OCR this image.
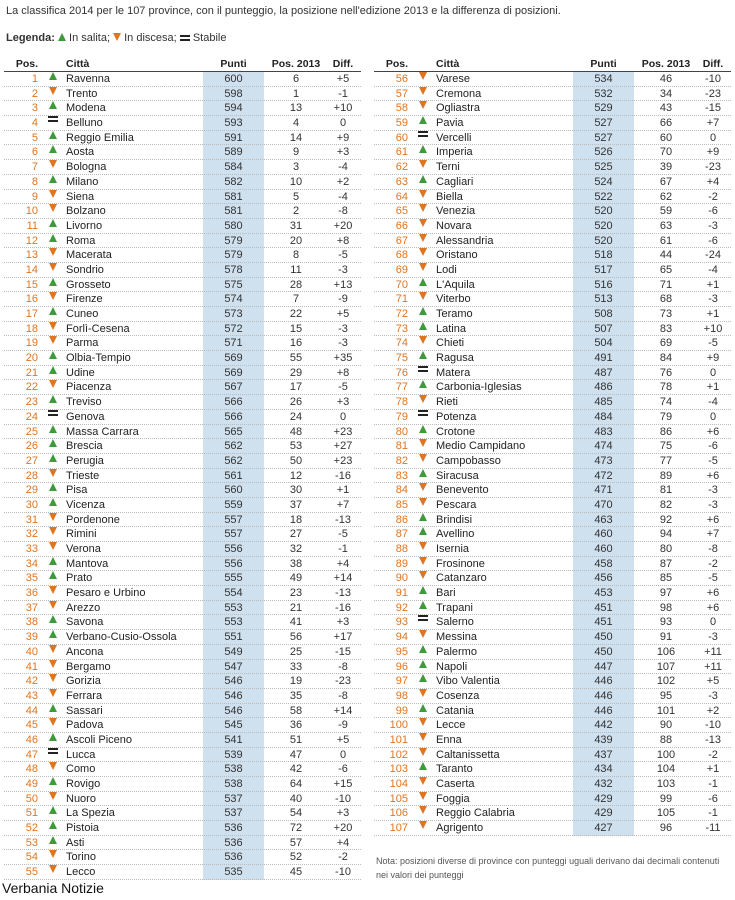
La classifica 2014 per le 107 province, con il punteggio, la posizione nell'edizione 2013 e la differenza di posizioni.
Legenda: In salita; In discesa; Stabile
Pos.	Città	Punti	Pos. 2013	Diff.
1	Ravenna	600	6	+5
2	Trento	598	1	-1
3	Modena	594	13	+10
4	Belluno	593	4	0
5	Reggio Emilia	591	14	+9
6	Aosta	589	9	+3
7	Bologna	584	3	-4
8	Milano	582	10	+2
9	Siena	581	5	-4
10	Bolzano	581	2	-8
11	Livorno	580	31	+20
12	Roma	579	20	+8
13	Macerata	579	8	-5
14	Sondrio	578	11	-3
15	Grosseto	575	28	+13
16	Firenze	574	7	-9
17	Cuneo	573	22	+5
18	Forlì-Cesena	572	15	-3
19	Parma	571	16	-3
20	Olbia-Tempio	569	55	+35
21	Udine	569	29	+8
22	Piacenza	567	17	-5
23	Treviso	566	26	+3
24	Genova	566	24	0
25	Massa Carrara	565	48	+23
26	Brescia	562	53	+27
27	Perugia	562	50	+23
28	Trieste	561	12	-16
29	Pisa	560	30	+1
30	Vicenza	559	37	+7
31	Pordenone	557	18	-13
32	Rimini	557	27	-5
33	Verona	556	32	-1
34	Mantova	556	38	+4
35	Prato	555	49	+14
36	Pesaro e Urbino	554	23	-13
37	Arezzo	553	21	-16
38	Savona	553	41	+3
39	Verbano-Cusio-Ossola	551	56	+17
40	Ancona	549	25	-15
41	Bergamo	547	33	-8
42	Gorizia	546	19	-23
43	Ferrara	546	35	-8
44	Sassari	546	58	+14
45	Padova	545	36	-9
46	Ascoli Piceno	541	51	+5
47	Lucca	539	47	0
48	Como	538	42	-6
49	Rovigo	538	64	+15
50	Nuoro	537	40	-10
51	La Spezia	537	54	+3
52	Pistoia	536	72	+20
53	Asti	536	57	+4
54	Torino	536	52	-2
55	Lecco	535	45	-10
Pos.	Città	Punti	Pos. 2013	Diff.
56	Varese	534	46	-10
57	Cremona	532	34	-23
58	Ogliastra	529	43	-15
59	Pavia	527	66	+7
60	Vercelli	527	60	0
61	Imperia	526	70	+9
62	Terni	525	39	-23
63	Cagliari	524	67	+4
64	Biella	522	62	-2
65	Venezia	520	59	-6
66	Novara	520	63	-3
67	Alessandria	520	61	-6
68	Oristano	518	44	-24
69	Lodi	517	65	-4
70	L'Aquila	516	71	+1
71	Viterbo	513	68	-3
72	Teramo	508	73	+1
73	Latina	507	83	+10
74	Chieti	504	69	-5
75	Ragusa	491	84	+9
76	Matera	487	76	0
77	Carbonia-Iglesias	486	78	+1
78	Rieti	485	74	-4
79	Potenza	484	79	0
80	Crotone	483	86	+6
81	Medio Campidano	474	75	-6
82	Campobasso	473	77	-5
83	Siracusa	472	89	+6
84	Benevento	471	81	-3
85	Pescara	470	82	-3
86	Brindisi	463	92	+6
87	Avellino	460	94	+7
88	Isernia	460	80	-8
89	Frosinone	458	87	-2
90	Catanzaro	456	85	-5
91	Bari	453	97	+6
92	Trapani	451	98	+6
93	Salerno	451	93	0
94	Messina	450	91	-3
95	Palermo	450	106	+11
96	Napoli	447	107	+11
97	Vibo Valentia	446	102	+5
98	Cosenza	446	95	-3
99	Catania	446	101	+2
100	Lecce	442	90	-10
101	Enna	439	88	-13
102	Caltanissetta	437	100	-2
103	Taranto	434	104	+1
104	Caserta	432	103	-1
105	Foggia	429	99	-6
106	Reggio Calabria	429	105	-1
107	Agrigento	427	96	-11
Nota: posizioni diverse di province con punteggi uguali derivano dai decimali contenuti nei valori dei punteggi
Verbania Notizie
